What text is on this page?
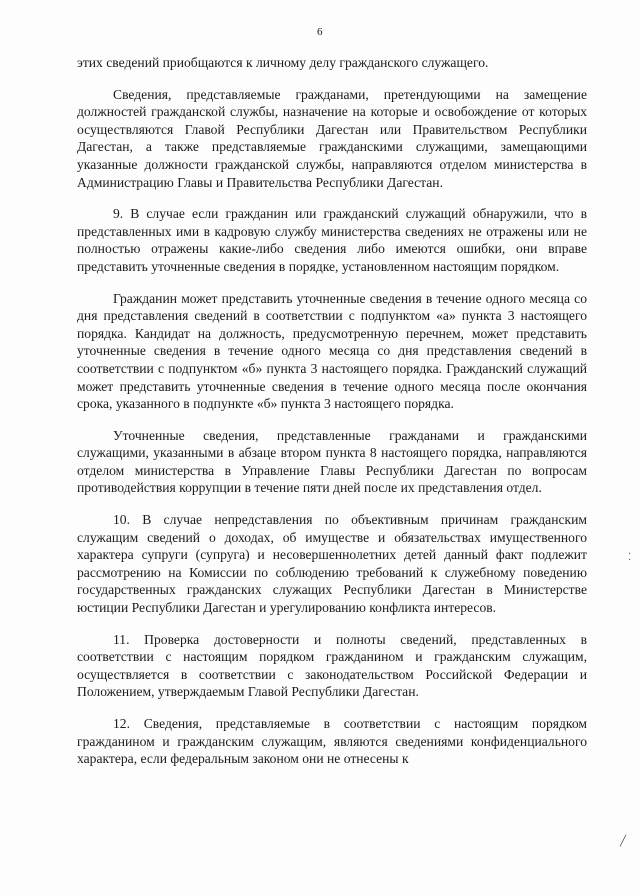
6

этих сведений приобщаются к личному делу гражданского служащего.

Сведения, представляемые гражданами, претендующими на замещение должностей гражданской службы, назначение на которые и освобождение от которых осуществляются Главой Республики Дагестан или Правительством Республики Дагестан, а также представляемые гражданскими служащими, замещающими указанные должности гражданской службы, направляются отделом министерства в Администрацию Главы и Правительства Республики Дагестан.

9. В случае если гражданин или гражданский служащий обнаружили, что в представленных ими в кадровую службу министерства сведениях не отражены или не полностью отражены какие-либо сведения либо имеются ошибки, они вправе представить уточненные сведения в порядке, установленном настоящим порядком.

Гражданин может представить уточненные сведения в течение одного месяца со дня представления сведений в соответствии с подпунктом «а» пункта 3 настоящего порядка. Кандидат на должность, предусмотренную перечнем, может представить уточненные сведения в течение одного месяца со дня представления сведений в соответствии с подпунктом «б» пункта 3 настоящего порядка. Гражданский служащий может представить уточненные сведения в течение одного месяца после окончания срока, указанного в подпункте «б» пункта 3 настоящего порядка.

Уточненные сведения, представленные гражданами и гражданскими служащими, указанными в абзаце втором пункта 8 настоящего порядка, направляются отделом министерства в Управление Главы Республики Дагестан по вопросам противодействия коррупции в течение пяти дней после их представления отдел.

10. В случае непредставления по объективным причинам гражданским служащим сведений о доходах, об имуществе и обязательствах имущественного характера супруги (супруга) и несовершеннолетних детей данный факт подлежит рассмотрению на Комиссии по соблюдению требований к служебному поведению государственных гражданских служащих Республики Дагестан в Министерстве юстиции Республики Дагестан и урегулированию конфликта интересов.

11. Проверка достоверности и полноты сведений, представленных в соответствии с настоящим порядком гражданином и гражданским служащим, осуществляется в соответствии с законодательством Российской Федерации и Положением, утверждаемым Главой Республики Дагестан.

12. Сведения, представляемые в соответствии с настоящим порядком гражданином и гражданским служащим, являются сведениями конфиденциального характера, если федеральным законом они не отнесены к

⁚
╱
